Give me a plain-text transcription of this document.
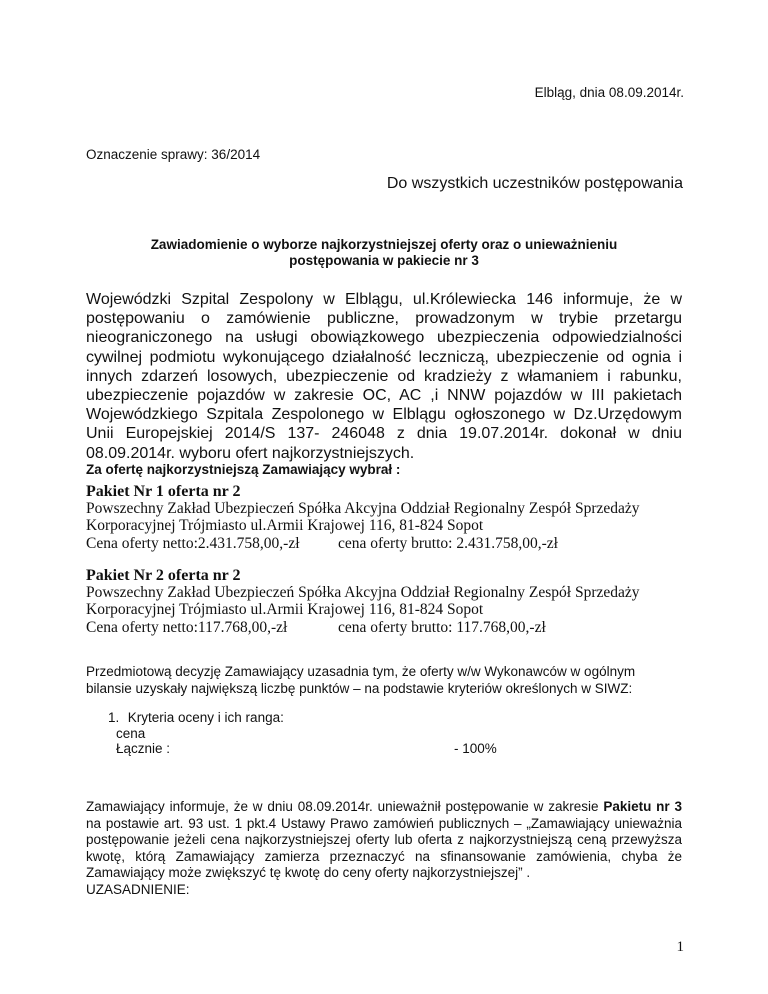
Elbląg, dnia 08.09.2014r.
Oznaczenie sprawy: 36/2014
Do wszystkich uczestników postępowania
Zawiadomienie o wyborze najkorzystniejszej oferty oraz o unieważnieniu
postępowania w pakiecie nr 3
Wojewódzki Szpital Zespolony w Elblągu, ul.Królewiecka 146 informuje, że w postępowaniu o zamówienie publiczne, prowadzonym w trybie przetargu nieograniczonego na usługi obowiązkowego ubezpieczenia odpowiedzialności cywilnej podmiotu wykonującego działalność leczniczą, ubezpieczenie od ognia i innych zdarzeń losowych, ubezpieczenie od kradzieży z włamaniem i rabunku, ubezpieczenie pojazdów w zakresie OC, AC ,i NNW pojazdów w III pakietach Wojewódzkiego Szpitala Zespolonego w Elblągu ogłoszonego w Dz.Urzędowym Unii Europejskiej 2014/S 137- 246048 z dnia 19.07.2014r. dokonał w dniu 08.09.2014r. wyboru ofert najkorzystniejszych.
Za ofertę najkorzystniejszą Zamawiający wybrał :
Pakiet Nr 1 oferta nr 2
Powszechny Zakład Ubezpieczeń Spółka Akcyjna Oddział Regionalny Zespół Sprzedaży
Korporacyjnej Trójmiasto ul.Armii Krajowej 116, 81-824 Sopot
Cena oferty netto:2.431.758,00,-zł cena oferty brutto: 2.431.758,00,-zł
Pakiet Nr 2 oferta nr 2
Powszechny Zakład Ubezpieczeń Spółka Akcyjna Oddział Regionalny Zespół Sprzedaży
Korporacyjnej Trójmiasto ul.Armii Krajowej 116, 81-824 Sopot
Cena oferty netto:117.768,00,-zł	cena oferty brutto: 117.768,00,-zł
Przedmiotową decyzję Zamawiający uzasadnia tym, że oferty w/w Wykonawców w ogólnym bilansie uzyskały największą liczbę punktów – na podstawie kryteriów określonych w SIWZ:
1. Kryteria oceny i ich ranga:
cena
Łącznie :	- 100%
Zamawiający informuje, że w dniu 08.09.2014r. unieważnił postępowanie w zakresie Pakietu nr 3 na postawie art. 93 ust. 1 pkt.4 Ustawy Prawo zamówień publicznych – „Zamawiający unieważnia postępowanie jeżeli cena najkorzystniejszej oferty lub oferta z najkorzystniejszą ceną przewyższa kwotę, którą Zamawiający zamierza przeznaczyć na sfinansowanie zamówienia, chyba że Zamawiający może zwiększyć tę kwotę do ceny oferty najkorzystniejszej” .
UZASADNIENIE:
1
